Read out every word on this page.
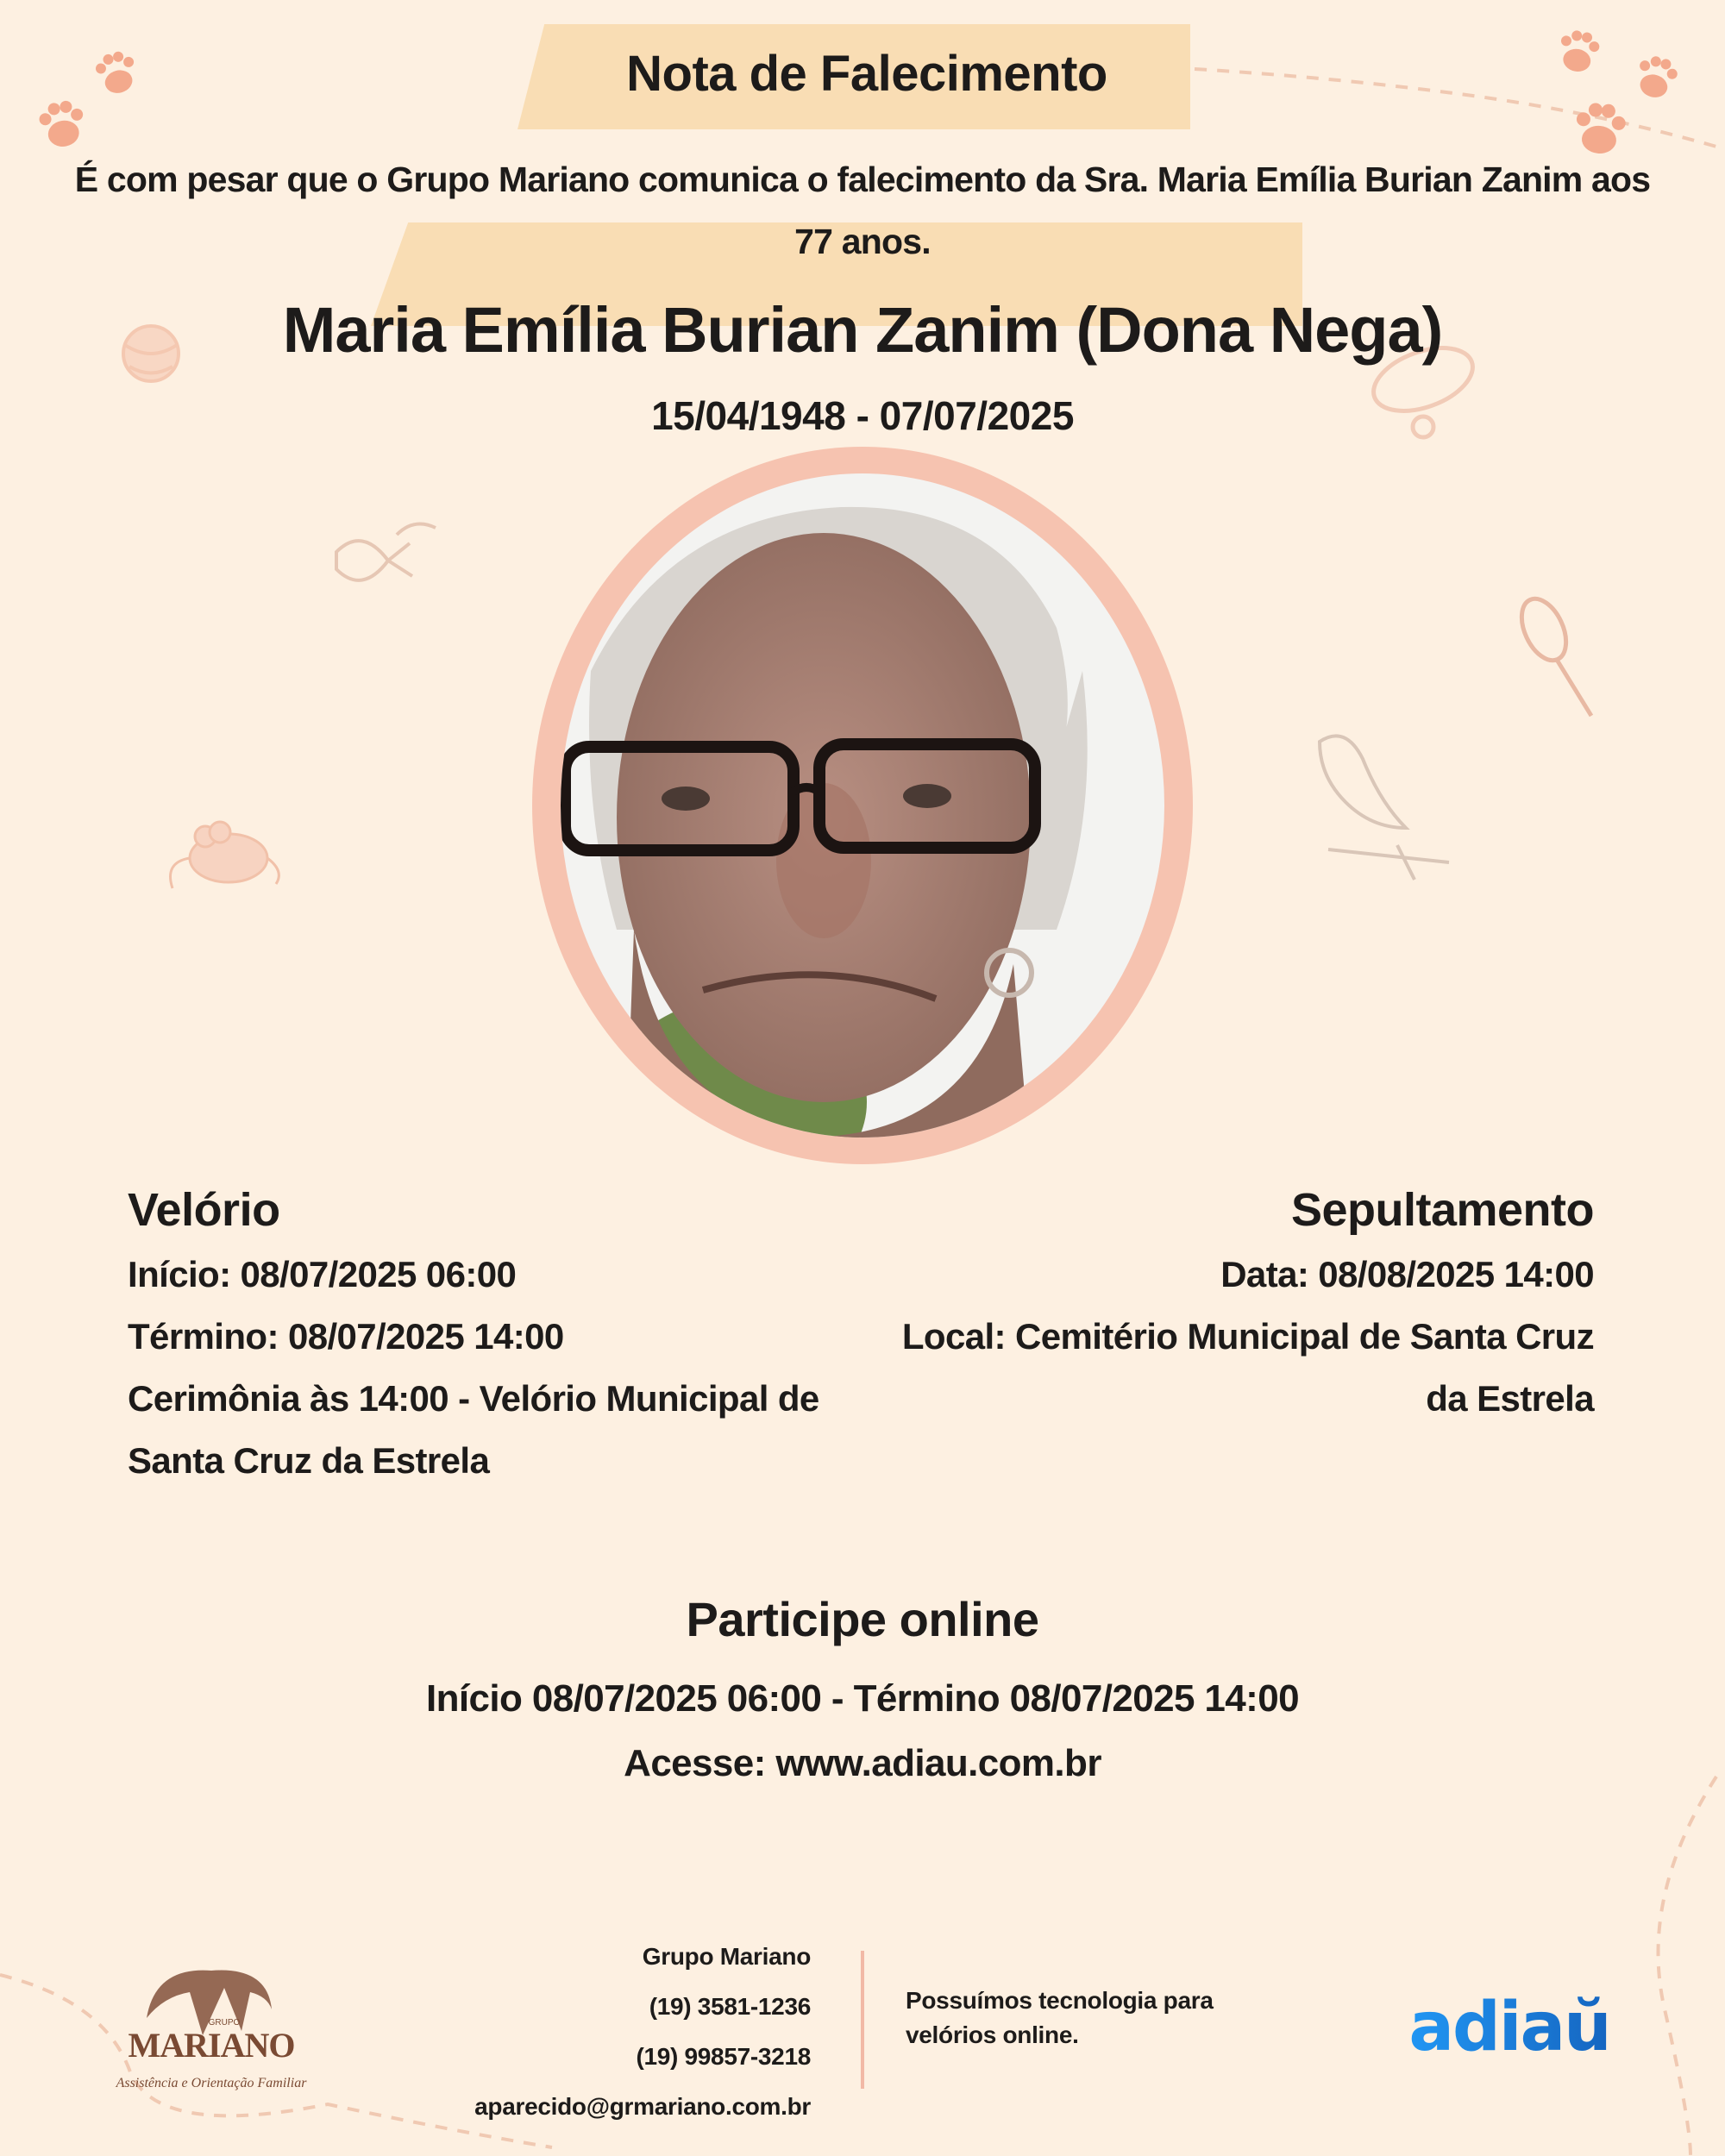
Nota de Falecimento
É com pesar que o Grupo Mariano comunica o falecimento da Sra. Maria Emília Burian Zanim aos 77 anos.
Maria Emília Burian Zanim (Dona Nega)
15/04/1948 - 07/07/2025
Velório
Início: 08/07/2025 06:00
Término: 08/07/2025 14:00
Cerimônia às 14:00 - Velório Municipal de Santa Cruz da Estrela
Sepultamento
Data: 08/08/2025 14:00
Local: Cemitério Municipal de Santa Cruz da Estrela
Participe online
Início 08/07/2025 06:00 - Término 08/07/2025 14:00
Acesse: www.adiau.com.br
GRUPO
MARIANO
Assistência e Orientação Familiar
Grupo Mariano
(19) 3581-1236
(19) 99857-3218
aparecido@grmariano.com.br
Possuímos tecnologia para velórios online.	adiaŭ
